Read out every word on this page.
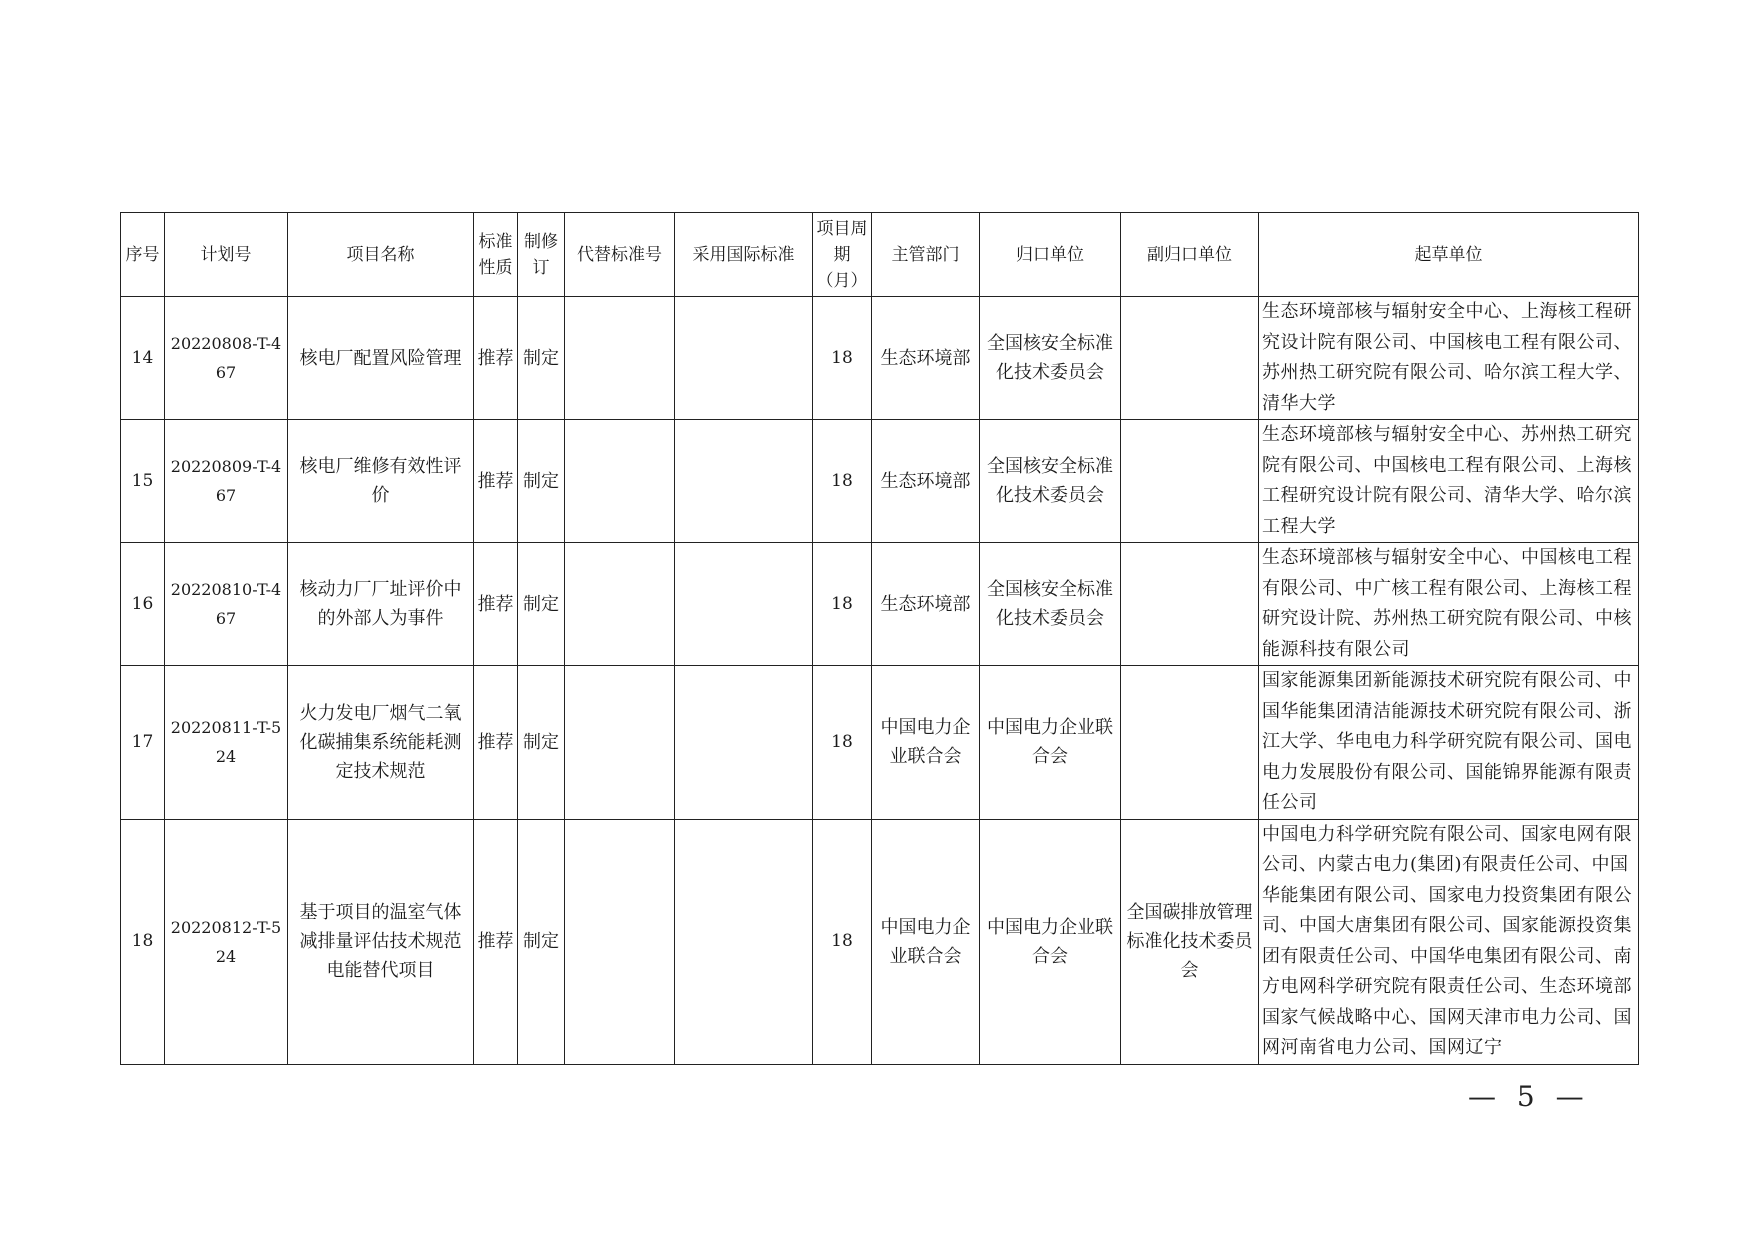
序号	计划号	项目名称	标准性质	制修订	代替标准号	采用国际标准	项目周期（月）	主管部门	归口单位	副归口单位	起草单位
14	20220808-T-467	核电厂配置风险管理	推荐	制定			18	生态环境部	全国核安全标准化技术委员会		生态环境部核与辐射安全中心、上海核工程研究设计院有限公司、中国核电工程有限公司、苏州热工研究院有限公司、哈尔滨工程大学、清华大学
15	20220809-T-467	核电厂维修有效性评价	推荐	制定			18	生态环境部	全国核安全标准化技术委员会		生态环境部核与辐射安全中心、苏州热工研究院有限公司、中国核电工程有限公司、上海核工程研究设计院有限公司、清华大学、哈尔滨工程大学
16	20220810-T-467	核动力厂厂址评价中的外部人为事件	推荐	制定			18	生态环境部	全国核安全标准化技术委员会		生态环境部核与辐射安全中心、中国核电工程有限公司、中广核工程有限公司、上海核工程研究设计院、苏州热工研究院有限公司、中核能源科技有限公司
17	20220811-T-524	火力发电厂烟气二氧化碳捕集系统能耗测定技术规范	推荐	制定			18	中国电力企业联合会	中国电力企业联合会		国家能源集团新能源技术研究院有限公司、中国华能集团清洁能源技术研究院有限公司、浙江大学、华电电力科学研究院有限公司、国电电力发展股份有限公司、国能锦界能源有限责任公司
18	20220812-T-524	基于项目的温室气体减排量评估技术规范电能替代项目	推荐	制定			18	中国电力企业联合会	中国电力企业联合会	全国碳排放管理标准化技术委员会	中国电力科学研究院有限公司、国家电网有限公司、内蒙古电力(集团)有限责任公司、中国华能集团有限公司、国家电力投资集团有限公司、中国大唐集团有限公司、国家能源投资集团有限责任公司、中国华电集团有限公司、南方电网科学研究院有限责任公司、生态环境部国家气候战略中心、国网天津市电力公司、国网河南省电力公司、国网辽宁
— 5 —
